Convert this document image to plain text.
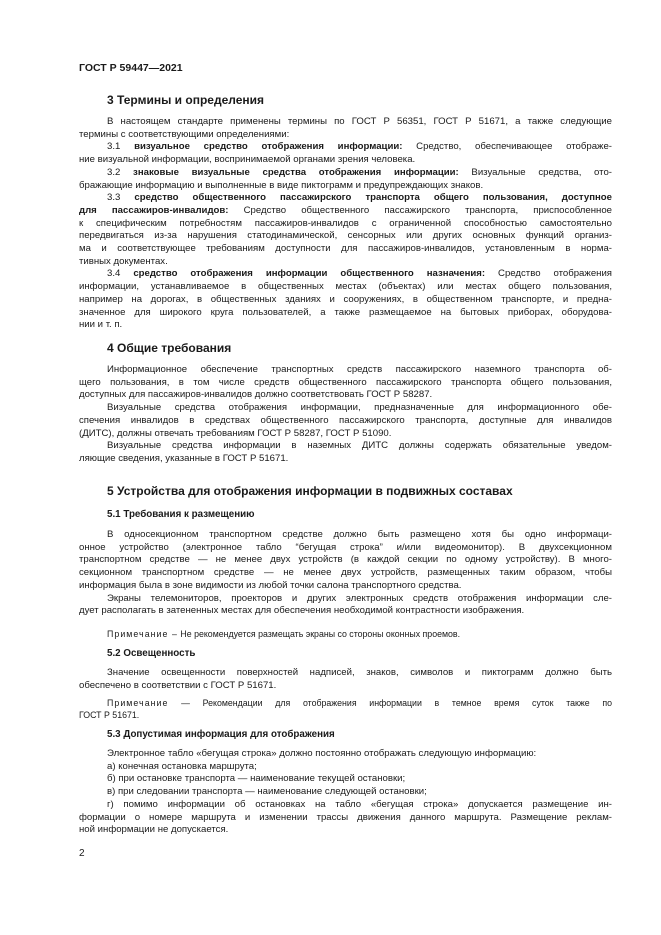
ГОСТ Р 59447—2021
3 Термины и определения

В настоящем стандарте применены термины по ГОСТ Р 56351, ГОСТ Р 51671, а также следующие

термины с соответствующими определениями:

3.1 визуальное средство отображения информации: Средство, обеспечивающее отображе-

ние визуальной информации, воспринимаемой органами зрения человека.

3.2 знаковые визуальные средства отображения информации: Визуальные средства, ото-

бражающие информацию и выполненные в виде пиктограмм и предупреждающих знаков.

3.3 средство общественного пассажирского транспорта общего пользования, доступное

для пассажиров-инвалидов: Средство общественного пассажирского транспорта, приспособленное

к специфическим потребностям пассажиров-инвалидов с ограниченной способностью самостоятельно

передвигаться из-за нарушения статодинамической, сенсорных или других основных функций организ-

ма и соответствующее требованиям доступности для пассажиров-инвалидов, установленным в норма-

тивных документах.

3.4 средство отображения информации общественного назначения: Средство отображения

информации, устанавливаемое в общественных местах (объектах) или местах общего пользования,

например на дорогах, в общественных зданиях и сооружениях, в общественном транспорте, и предна-

значенное для широкого круга пользователей, а также размещаемое на бытовых приборах, оборудова-

нии и т. п.

4 Общие требования

Информационное обеспечение транспортных средств пассажирского наземного транспорта об-

щего пользования, в том числе средств общественного пассажирского транспорта общего пользования,

доступных для пассажиров-инвалидов должно соответствовать ГОСТ Р 58287.

Визуальные средства отображения информации, предназначенные для информационного обе-

спечения инвалидов в средствах общественного пассажирского транспорта, доступные для инвалидов

(ДИТС), должны отвечать требованиям ГОСТ Р 58287, ГОСТ Р 51090.

Визуальные средства информации в наземных ДИТС должны содержать обязательные уведом-

ляющие сведения, указанные в ГОСТ Р 51671.

5 Устройства для отображения информации в подвижных составах
5.1 Требования к размещению

В односекционном транспортном средстве должно быть размещено хотя бы одно информаци-

онное устройство (электронное табло “бегущая строка” и/или видеомонитор). В двухсекционном

транспортном средстве — не менее двух устройств (в каждой секции по одному устройству). В много-

секционном транспортном средстве — не менее двух устройств, размещенных таким образом, чтобы

информация была в зоне видимости из любой точки салона транспортного средства.

Экраны телемониторов, проекторов и других электронных средств отображения информации сле-

дует располагать в затененных местах для обеспечения необходимой контрастности изображения.

Примечание – Не рекомендуется размещать экраны со стороны оконных проемов.

5.2 Освещенность

Значение освещенности поверхностей надписей, знаков, символов и пиктограмм должно быть

обеспечено в соответствии с ГОСТ Р 51671.

Примечание — Рекомендации для отображения информации в темное время суток также по

ГОСТ Р 51671.

5.3 Допустимая информация для отображения

Электронное табло «бегущая строка» должно постоянно отображать следующую информацию:

а) конечная остановка маршрута;

б) при остановке транспорта — наименование текущей остановки;

в) при следовании транспорта — наименование следующей остановки;

г) помимо информации об остановках на табло «бегущая строка» допускается размещение ин-

формации о номере маршрута и изменении трассы движения данного маршрута. Размещение реклам-

ной информации не допускается.

2
